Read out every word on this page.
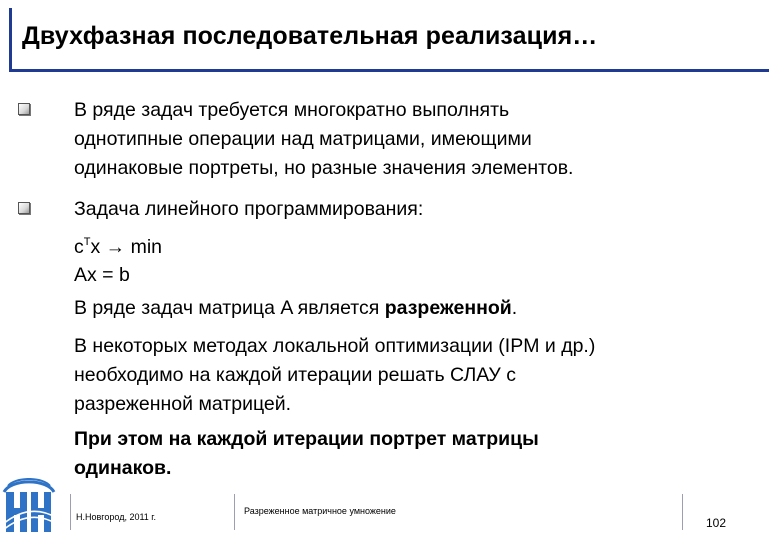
Двухфазная последовательная реализация…
В ряде задач требуется многократно выполнять
однотипные операции над матрицами, имеющими
одинаковые портреты, но разные значения элементов.
Задача линейного программирования:
$c^Tx \to \min$
Ax = b
В ряде задач матрица A является разреженной.
В некоторых методах локальной оптимизации (IPM и др.)
необходимо на каждой итерации решать СЛАУ с
разреженной матрицей.
При этом на каждой итерации портрет матрицы
одинаков.
Н.Новгород, 2011 г.
Разреженное матричное умножение
102
